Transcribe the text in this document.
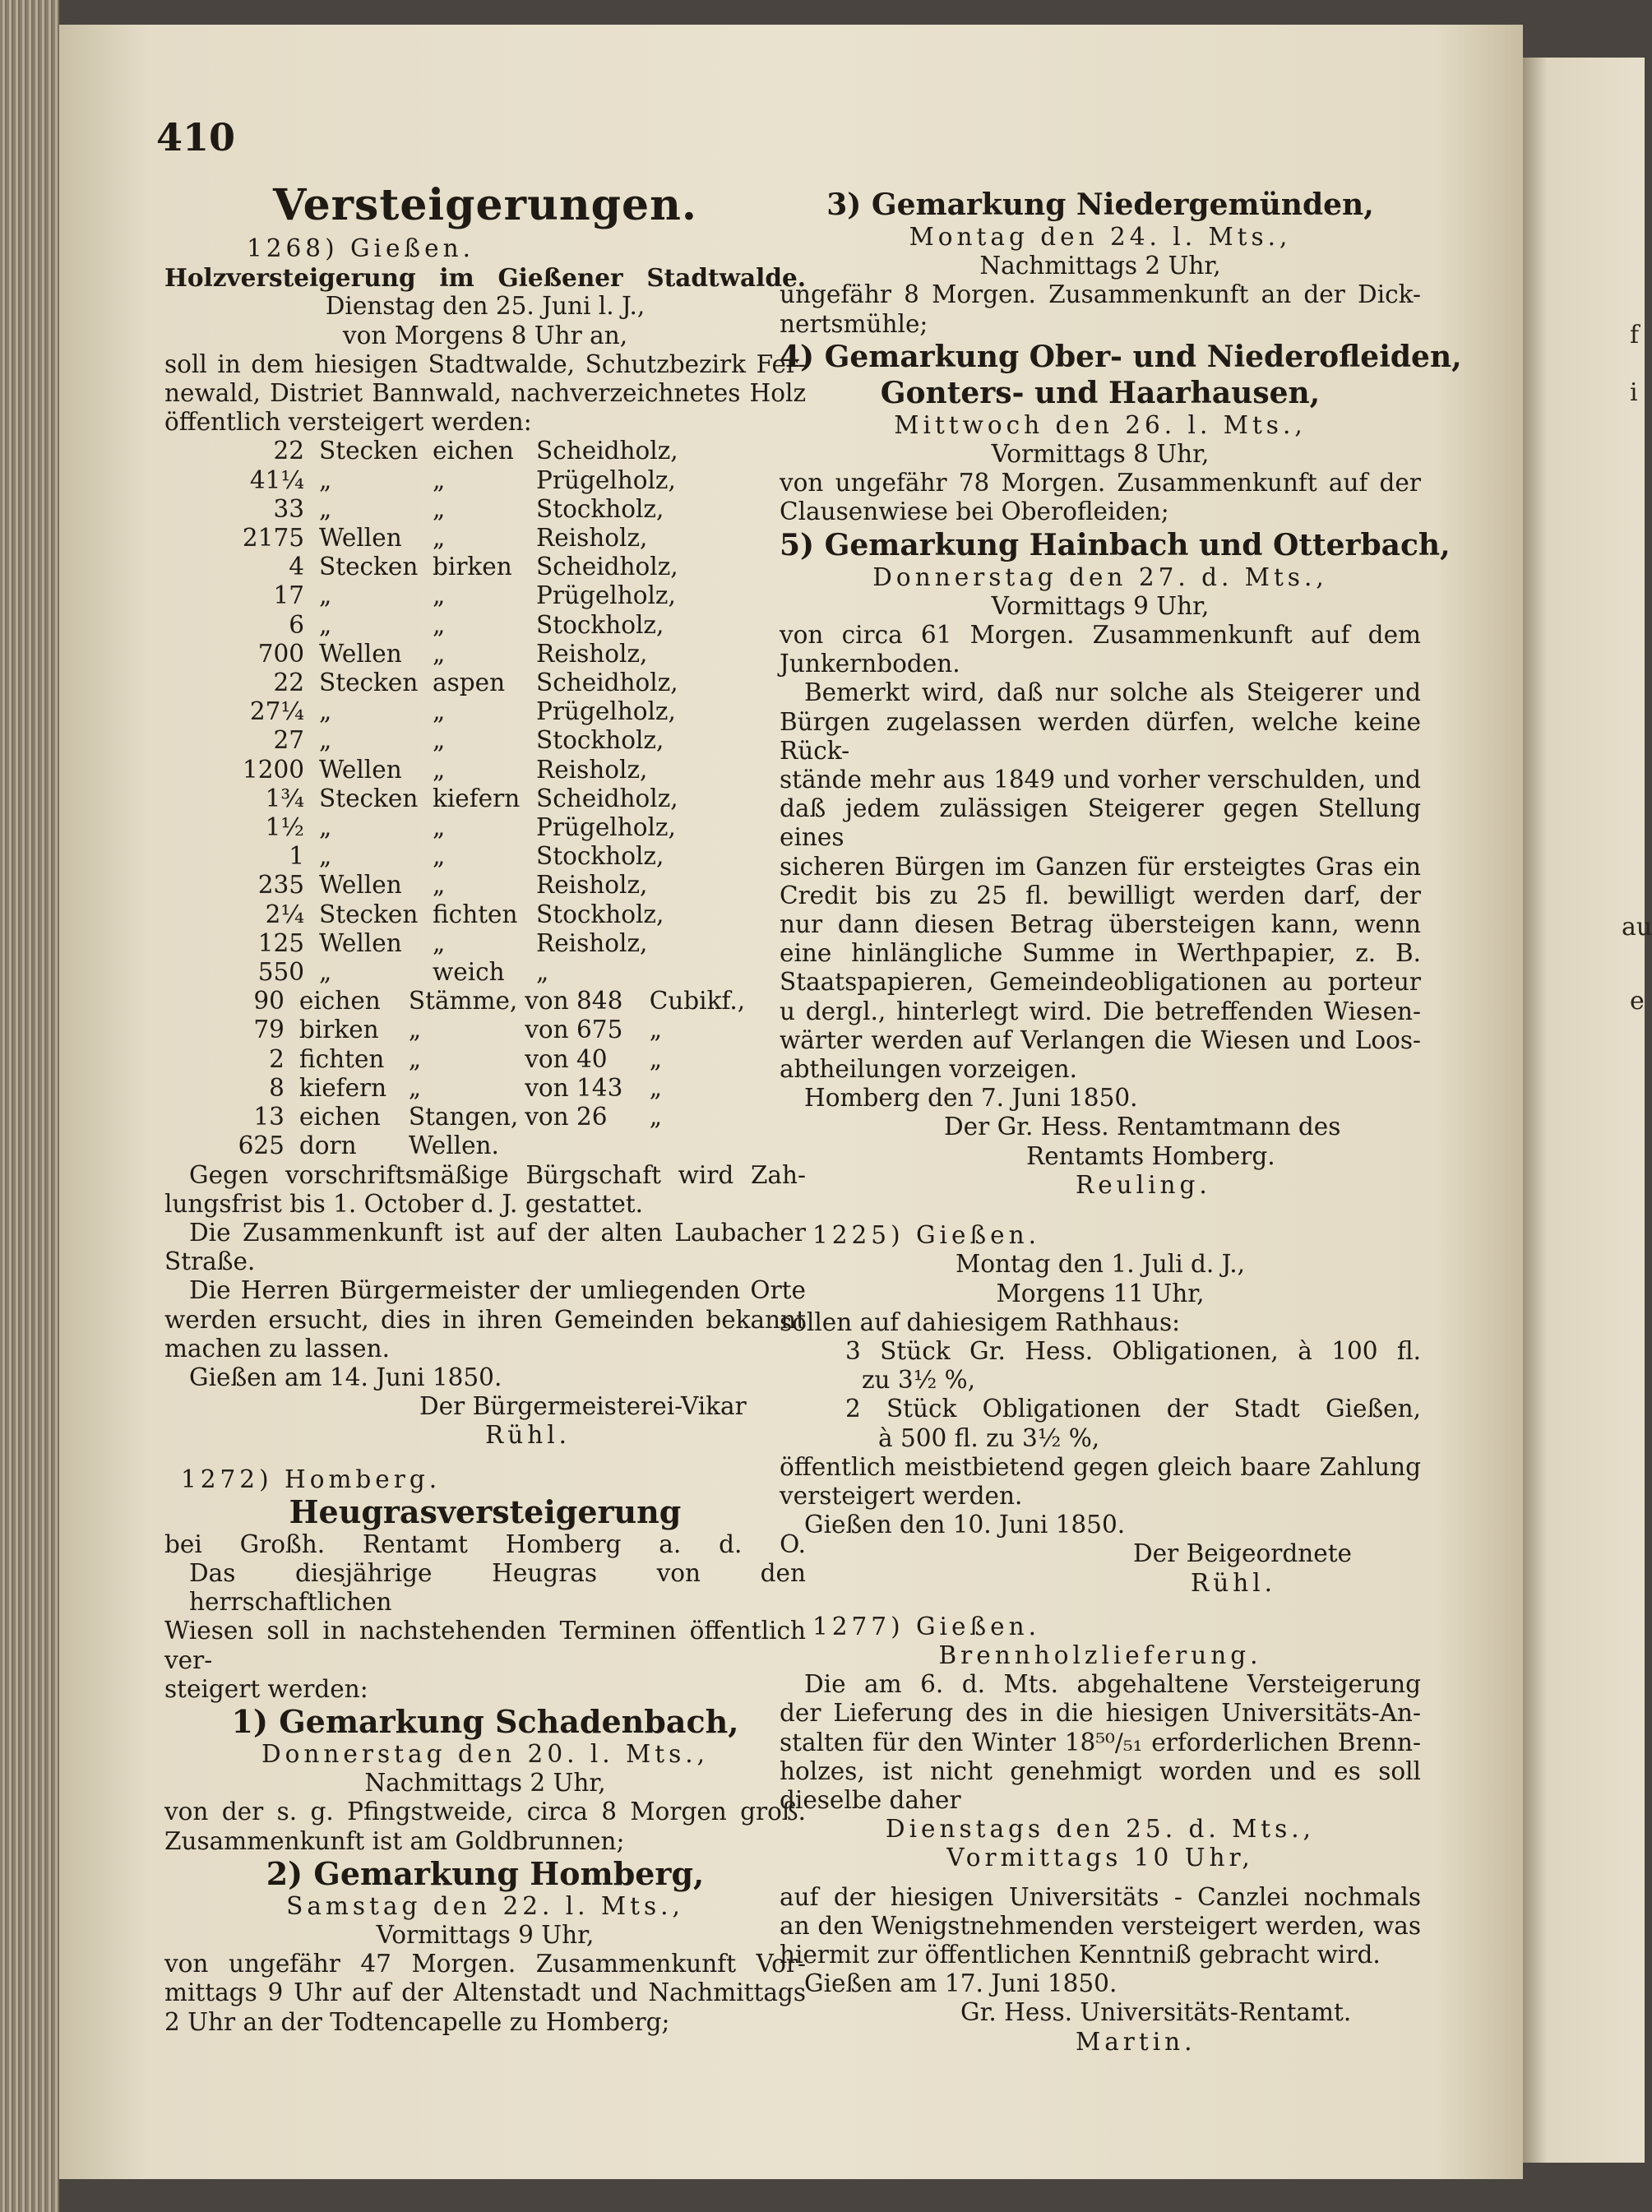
f
i
au
e
410
Versteigerungen.
1268) Gießen.
Holzversteigerung im Gießener Stadtwalde.
Dienstag den 25. Juni l. J.,
von Morgens 8 Uhr an,
soll in dem hiesigen Stadtwalde, Schutzbezirk Fer-
newald, Distriet Bannwald, nachverzeichnetes Holz
öffentlich versteigert werden:
22	Stecken	eichen	Scheidholz,
41¼	„	„	Prügelholz,
33	„	„	Stockholz,
2175	Wellen	„	Reisholz,
4	Stecken	birken	Scheidholz,
17	„	„	Prügelholz,
6	„	„	Stockholz,
700	Wellen	„	Reisholz,
22	Stecken	aspen	Scheidholz,
27¼	„	„	Prügelholz,
27	„	„	Stockholz,
1200	Wellen	„	Reisholz,
1¾	Stecken	kiefern	Scheidholz,
1½	„	„	Prügelholz,
1	„	„	Stockholz,
235	Wellen	„	Reisholz,
2¼	Stecken	fichten	Stockholz,
125	Wellen	„	Reisholz,
550	„	weich	„
90	eichen	Stämme,	von 848	Cubikf.,
79	birken	„	von 675	„
2	fichten	„	von 40	„
8	kiefern	„	von 143	„
13	eichen	Stangen,	von 26	„
625	dorn	Wellen.		
Gegen vorschriftsmäßige Bürgschaft wird Zah-
lungsfrist bis 1. October d. J. gestattet.
Die Zusammenkunft ist auf der alten Laubacher
Straße.
Die Herren Bürgermeister der umliegenden Orte
werden ersucht, dies in ihren Gemeinden bekannt
machen zu lassen.
Gießen am 14. Juni 1850.
Der Bürgermeisterei-Vikar
Rühl.
1272) Homberg.
Heugrasversteigerung
bei Großh. Rentamt Homberg a. d. O.
Das diesjährige Heugras von den herrschaftlichen
Wiesen soll in nachstehenden Terminen öffentlich ver-
steigert werden:
1) Gemarkung Schadenbach,
Donnerstag den 20. l. Mts.,
Nachmittags 2 Uhr,
von der s. g. Pfingstweide, circa 8 Morgen groß.
Zusammenkunft ist am Goldbrunnen;
2) Gemarkung Homberg,
Samstag den 22. l. Mts.,
Vormittags 9 Uhr,
von ungefähr 47 Morgen. Zusammenkunft Vor-
mittags 9 Uhr auf der Altenstadt und Nachmittags
2 Uhr an der Todtencapelle zu Homberg;
3) Gemarkung Niedergemünden,
Montag den 24. l. Mts.,
Nachmittags 2 Uhr,
ungefähr 8 Morgen. Zusammenkunft an der Dick-
nertsmühle;
4) Gemarkung Ober- und Niederofleiden,
Gonters- und Haarhausen,
Mittwoch den 26. l. Mts.,
Vormittags 8 Uhr,
von ungefähr 78 Morgen. Zusammenkunft auf der
Clausenwiese bei Oberofleiden;
5) Gemarkung Hainbach und Otterbach,
Donnerstag den 27. d. Mts.,
Vormittags 9 Uhr,
von circa 61 Morgen. Zusammenkunft auf dem
Junkernboden.
Bemerkt wird, daß nur solche als Steigerer und
Bürgen zugelassen werden dürfen, welche keine Rück-
stände mehr aus 1849 und vorher verschulden, und
daß jedem zulässigen Steigerer gegen Stellung eines
sicheren Bürgen im Ganzen für ersteigtes Gras ein
Credit bis zu 25 fl. bewilligt werden darf, der
nur dann diesen Betrag übersteigen kann, wenn
eine hinlängliche Summe in Werthpapier, z. B.
Staatspapieren, Gemeindeobligationen au porteur
u dergl., hinterlegt wird. Die betreffenden Wiesen-
wärter werden auf Verlangen die Wiesen und Loos-
abtheilungen vorzeigen.
Homberg den 7. Juni 1850.
Der Gr. Hess. Rentamtmann des
Rentamts Homberg.
Reuling.
1225) Gießen.
Montag den 1. Juli d. J.,
Morgens 11 Uhr,
sollen auf dahiesigem Rathhaus:
3 Stück Gr. Hess. Obligationen, à 100 fl.
zu 3½ %,
2 Stück Obligationen der Stadt Gießen,
à 500 fl. zu 3½ %,
öffentlich meistbietend gegen gleich baare Zahlung
versteigert werden.
Gießen den 10. Juni 1850.
Der Beigeordnete
Rühl.
1277) Gießen.
Brennholzlieferung.
Die am 6. d. Mts. abgehaltene Versteigerung
der Lieferung des in die hiesigen Universitäts-An-
stalten für den Winter 18⁵⁰/₅₁ erforderlichen Brenn-
holzes, ist nicht genehmigt worden und es soll
dieselbe daher
Dienstags den 25. d. Mts.,
Vormittags 10 Uhr,
auf der hiesigen Universitäts - Canzlei nochmals
an den Wenigstnehmenden versteigert werden, was
hiermit zur öffentlichen Kenntniß gebracht wird.
Gießen am 17. Juni 1850.
Gr. Hess. Universitäts-Rentamt.
Martin.
